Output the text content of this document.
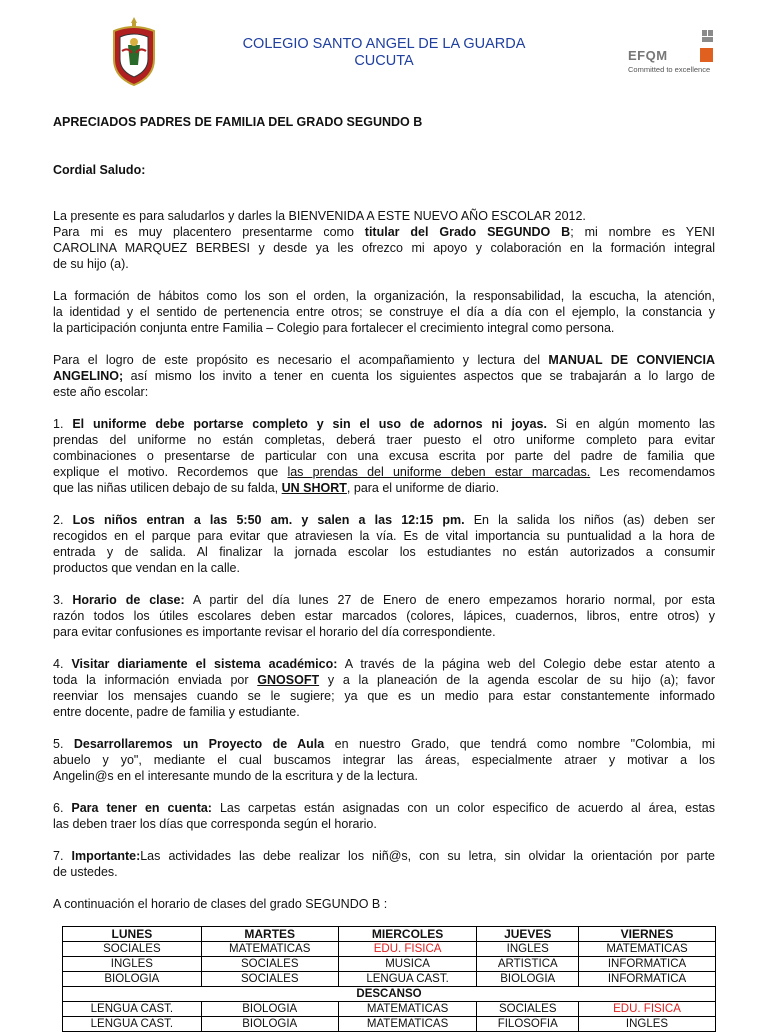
COLEGIO SANTO ANGEL DE LA GUARDA
CUCUTA	EFQM
Committed to excellence

APRECIADOS PADRES DE FAMILIA DEL GRADO SEGUNDO B

Cordial Saludo:

La presente es para saludarlos y darles la BIENVENIDA A ESTE NUEVO AÑO ESCOLAR 2012.

Para mi es muy placentero presentarme como titular del Grado SEGUNDO B; mi nombre es YENI

CAROLINA MARQUEZ BERBESI y desde ya les ofrezco mi apoyo y colaboración en la formación integral

de su hijo (a).

La formación de hábitos como los son el orden, la organización, la responsabilidad, la escucha, la atención,

la identidad y el sentido de pertenencia entre otros; se construye el día a día con el ejemplo, la constancia y

la participación conjunta entre Familia – Colegio para fortalecer el crecimiento integral como persona.

Para el logro de este propósito es necesario el acompañamiento y lectura del MANUAL DE CONVIENCIA

ANGELINO; así mismo los invito a tener en cuenta los siguientes aspectos que se trabajarán a lo largo de

este año escolar:

1. El uniforme debe portarse completo y sin el uso de adornos ni joyas. Si en algún momento las

prendas del uniforme no están completas, deberá traer puesto el otro uniforme completo para evitar

combinaciones o presentarse de particular con una excusa escrita por parte del padre de familia que

explique el motivo. Recordemos que las prendas del uniforme deben estar marcadas. Les recomendamos

que las niñas utilicen debajo de su falda, UN SHORT, para el uniforme de diario.

2. Los niños entran a las 5:50 am. y salen a las 12:15 pm. En la salida los niños (as) deben ser

recogidos en el parque para evitar que atraviesen la vía. Es de vital importancia su puntualidad a la hora de

entrada y de salida. Al finalizar la jornada escolar los estudiantes no están autorizados a consumir

productos que vendan en la calle.

3. Horario de clase: A partir del día lunes 27 de Enero de enero empezamos horario normal, por esta

razón todos los útiles escolares deben estar marcados (colores, lápices, cuadernos, libros, entre otros) y

para evitar confusiones es importante revisar el horario del día correspondiente.

4. Visitar diariamente el sistema académico: A través de la página web del Colegio debe estar atento a

toda la información enviada por GNOSOFT y a la planeación de la agenda escolar de su hijo (a); favor

reenviar los mensajes cuando se le sugiere; ya que es un medio para estar constantemente informado

entre docente, padre de familia y estudiante.

5. Desarrollaremos un Proyecto de Aula en nuestro Grado, que tendrá como nombre "Colombia, mi

abuelo y yo", mediante el cual buscamos integrar las áreas, especialmente atraer y motivar a los

Angelin@s en el interesante mundo de la escritura y de la lectura.

6. Para tener en cuenta: Las carpetas están asignadas con un color especifico de acuerdo al área, estas

las deben traer los días que corresponda según el horario.

7. Importante:Las actividades las debe realizar los niñ@s, con su letra, sin olvidar la orientación por parte

de ustedes.

A continuación el horario de clases del grado SEGUNDO B :

LUNES	MARTES	MIERCOLES	JUEVES	VIERNES
SOCIALES	MATEMATICAS	EDU. FISICA	INGLES	MATEMATICAS
INGLES	SOCIALES	MUSICA	ARTISTICA	INFORMATICA
BIOLOGIA	SOCIALES	LENGUA CAST.	BIOLOGIA	INFORMATICA
DESCANSO				
LENGUA CAST.	BIOLOGIA	MATEMATICAS	SOCIALES	EDU. FISICA
LENGUA CAST.	BIOLOGIA	MATEMATICAS	FILOSOFIA	INGLES
